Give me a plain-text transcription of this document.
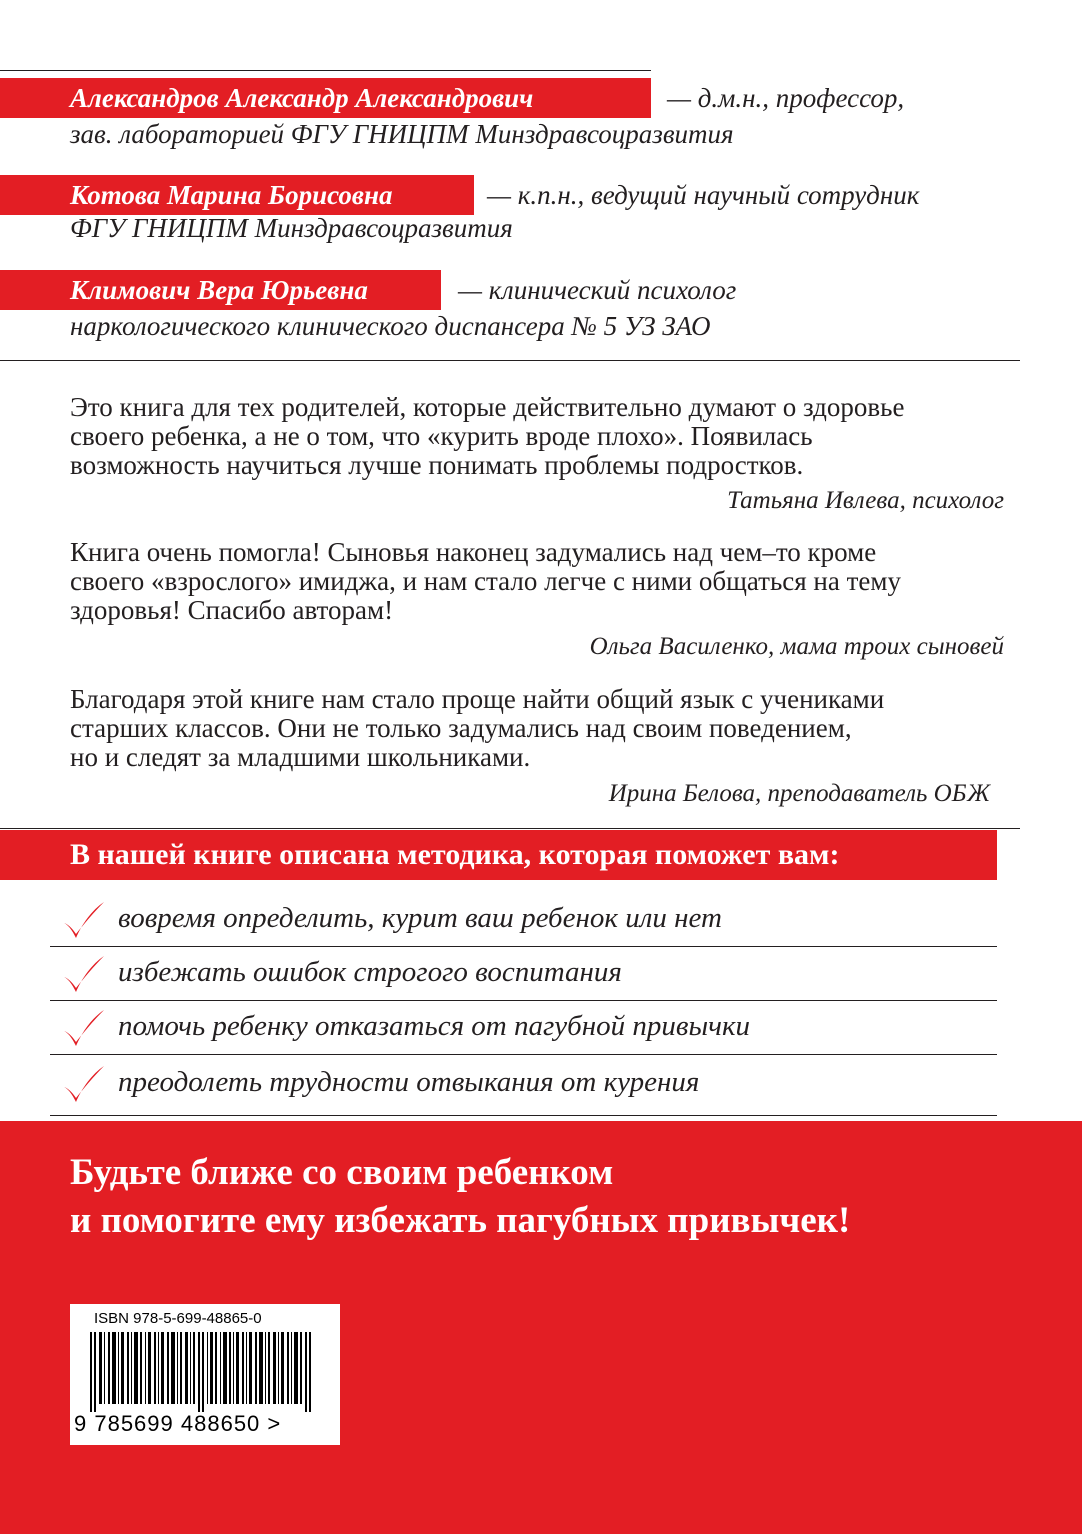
Александров Александр Александрович	— д.м.н., профессор,
зав. лабораторией ФГУ ГНИЦПМ Минздравсоцразвития
Котова Марина Борисовна	— к.п.н., ведущий научный сотрудник
ФГУ ГНИЦПМ Минздравсоцразвития
Климович Вера Юрьевна	— клинический психолог
наркологического клинического диспансера № 5 УЗ ЗАО

Это книга для тех родителей, которые действительно думают о здоровье
своего ребенка, а не о том, что «курить вроде плохо». Появилась
возможность научиться лучше понимать проблемы подростков.

Татьяна Ивлева, психолог

Книга очень помогла! Сыновья наконец задумались над чем–то кроме
своего «взрослого» имиджа, и нам стало легче с ними общаться на тему
здоровья! Спасибо авторам!

Ольга Василенко, мама троих сыновей

Благодаря этой книге нам стало проще найти общий язык с учениками
старших классов. Они не только задумались над своим поведением,
но и следят за младшими школьниками.

Ирина Белова, преподаватель ОБЖ
В нашей книге описана методика, которая поможет вам:
вовремя определить, курит ваш ребенок или нет
избежать ошибок строгого воспитания
помочь ребенку отказаться от пагубной привычки
преодолеть трудности отвыкания от курения
Будьте ближе со своим ребенком
и помогите ему избежать пагубных привычек!
ISBN 978-5-699-48865-0
9 785699 488650 >
